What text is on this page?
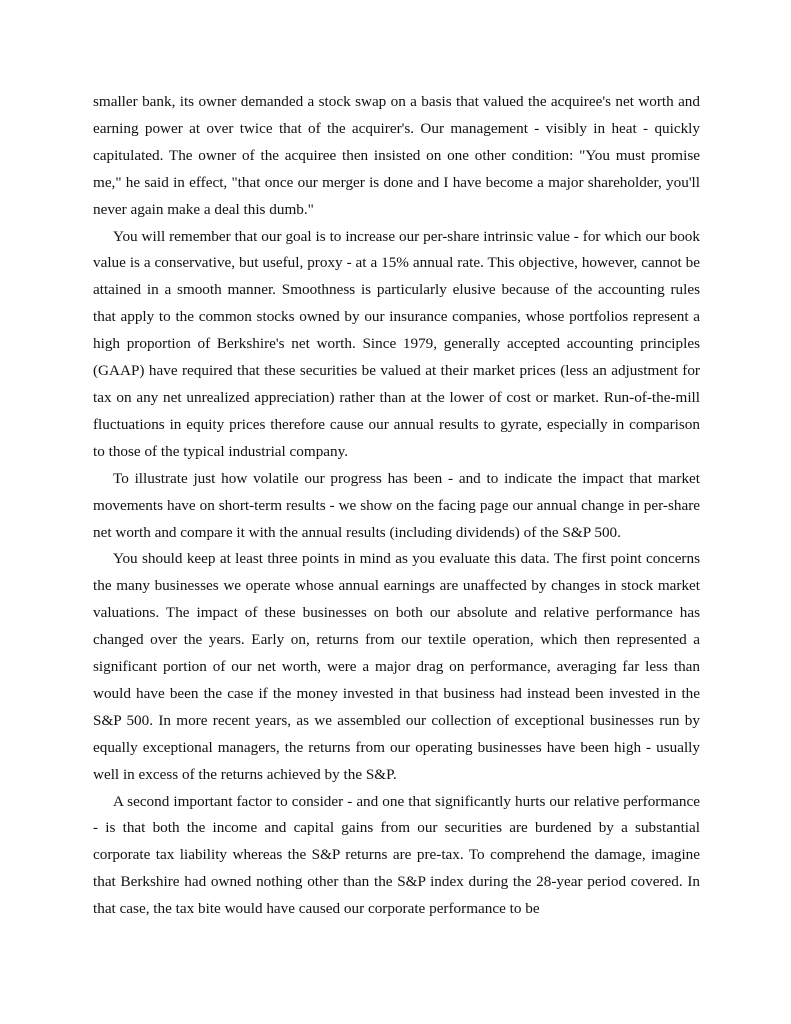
smaller bank, its owner demanded a stock swap on a basis that valued the acquiree's net worth and earning power at over twice that of the acquirer's. Our management - visibly in heat - quickly capitulated. The owner of the acquiree then insisted on one other condition: "You must promise me," he said in effect, "that once our merger is done and I have become a major shareholder, you'll never again make a deal this dumb."

You will remember that our goal is to increase our per-share intrinsic value - for which our book value is a conservative, but useful, proxy - at a 15% annual rate. This objective, however, cannot be attained in a smooth manner. Smoothness is particularly elusive because of the accounting rules that apply to the common stocks owned by our insurance companies, whose portfolios represent a high proportion of Berkshire's net worth. Since 1979, generally accepted accounting principles (GAAP) have required that these securities be valued at their market prices (less an adjustment for tax on any net unrealized appreciation) rather than at the lower of cost or market. Run-of-the-mill fluctuations in equity prices therefore cause our annual results to gyrate, especially in comparison to those of the typical industrial company.

To illustrate just how volatile our progress has been - and to indicate the impact that market movements have on short-term results - we show on the facing page our annual change in per-share net worth and compare it with the annual results (including dividends) of the S&P 500.

You should keep at least three points in mind as you evaluate this data. The first point concerns the many businesses we operate whose annual earnings are unaffected by changes in stock market valuations. The impact of these businesses on both our absolute and relative performance has changed over the years. Early on, returns from our textile operation, which then represented a significant portion of our net worth, were a major drag on performance, averaging far less than would have been the case if the money invested in that business had instead been invested in the S&P 500. In more recent years, as we assembled our collection of exceptional businesses run by equally exceptional managers, the returns from our operating businesses have been high - usually well in excess of the returns achieved by the S&P.

A second important factor to consider - and one that significantly hurts our relative performance - is that both the income and capital gains from our securities are burdened by a substantial corporate tax liability whereas the S&P returns are pre-tax. To comprehend the damage, imagine that Berkshire had owned nothing other than the S&P index during the 28-year period covered. In that case, the tax bite would have caused our corporate performance to be
